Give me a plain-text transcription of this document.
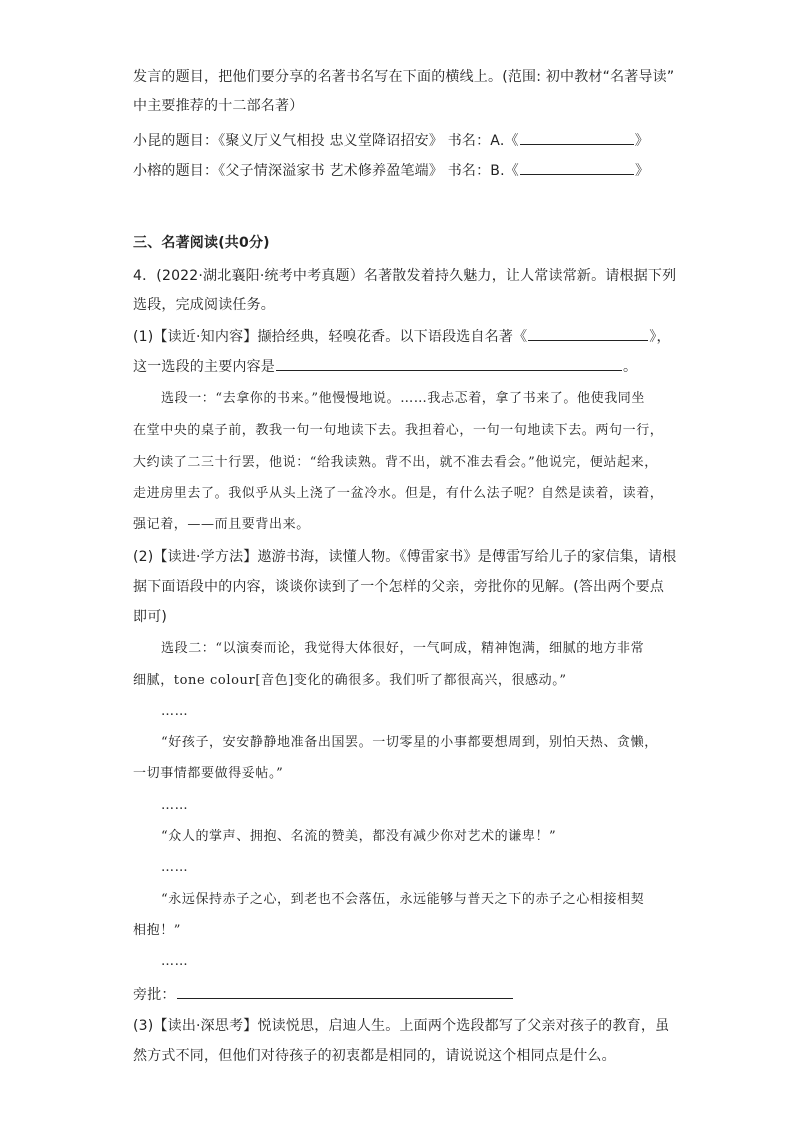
发言的题目，把他们要分享的名著书名写在下面的横线上。(范围: 初中教材“名著导读”
中主要推荐的十二部名著）
小昆的题目：《聚义厅义气相投 忠义堂降诏招安》 书名：A.《	》
小榕的题目：《父子情深溢家书 艺术修养盈笔端》 书名：B.《	》
三、名著阅读(共0分)
4．(2022·湖北襄阳·统考中考真题）名著散发着持久魅力，让人常读常新。请根据下列
选段，完成阅读任务。
(1)【读近·知内容】撷拾经典，轻嗅花香。以下语段选自名著《	》，
这一选段的主要内容是	。
选段一：“去拿你的书来。”他慢慢地说。……我忐忑着，拿了书来了。他使我同坐
在堂中央的桌子前，教我一句一句地读下去。我担着心，一句一句地读下去。两句一行，
大约读了二三十行罢，他说：“给我读熟。背不出，就不准去看会。”他说完，便站起来，
走进房里去了。我似乎从头上浇了一盆冷水。但是，有什么法子呢？自然是读着，读着，
强记着，——而且要背出来。
(2)【读进·学方法】遨游书海，读懂人物。《傅雷家书》是傅雷写给儿子的家信集，请根
据下面语段中的内容，谈谈你读到了一个怎样的父亲，旁批你的见解。(答出两个要点
即可)
选段二：“以演奏而论，我觉得大体很好，一气呵成，精神饱满，细腻的地方非常
细腻，tone colour[音色]变化的确很多。我们听了都很高兴，很感动。”
……
“好孩子，安安静静地准备出国罢。一切零星的小事都要想周到，别怕天热、贪懒，
一切事情都要做得妥帖。”
……
“众人的掌声、拥抱、名流的赞美，都没有减少你对艺术的谦卑！”
……
“永远保持赤子之心，到老也不会落伍，永远能够与普天之下的赤子之心相接相契
相抱！”
……
旁批：
(3)【读出·深思考】悦读悦思，启迪人生。上面两个选段都写了父亲对孩子的教育，虽
然方式不同，但他们对待孩子的初衷都是相同的，请说说这个相同点是什么。
